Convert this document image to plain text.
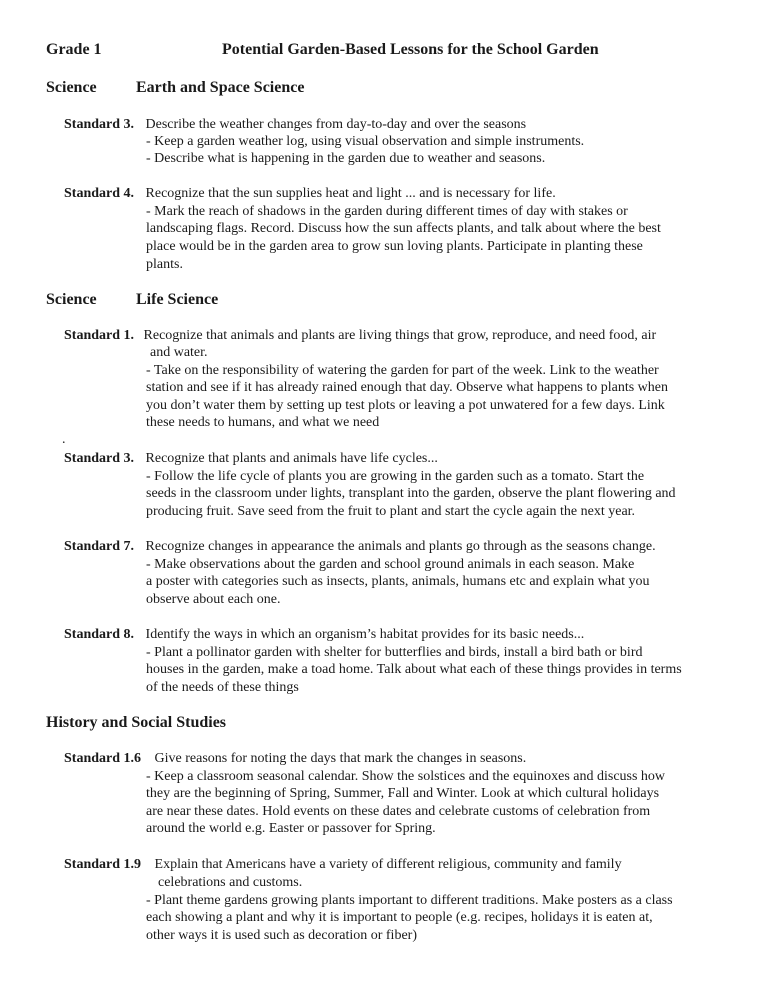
Grade 1	Potential Garden-Based Lessons for the School Garden
Science Earth and Space Science
Standard 3. Describe the weather changes from day-to-day and over the seasons
- Keep a garden weather log, using visual observation and simple instruments.
- Describe what is happening in the garden due to weather and seasons.
Standard 4. Recognize that the sun supplies heat and light ... and is necessary for life.
- Mark the reach of shadows in the garden during different times of day with stakes or
landscaping flags. Record. Discuss how the sun affects plants, and talk about where the best
place would be in the garden area to grow sun loving plants. Participate in planting these
plants.
Science Life Science
Standard 1. Recognize that animals and plants are living things that grow, reproduce, and need food, air
and water.
- Take on the responsibility of watering the garden for part of the week. Link to the weather
station and see if it has already rained enough that day. Observe what happens to plants when
you don’t water them by setting up test plots or leaving a pot unwatered for a few days. Link
these needs to humans, and what we need
.
Standard 3. Recognize that plants and animals have life cycles...
- Follow the life cycle of plants you are growing in the garden such as a tomato. Start the
seeds in the classroom under lights, transplant into the garden, observe the plant flowering and
producing fruit. Save seed from the fruit to plant and start the cycle again the next year.
Standard 7. Recognize changes in appearance the animals and plants go through as the seasons change.
- Make observations about the garden and school ground animals in each season. Make
a poster with categories such as insects, plants, animals, humans etc and explain what you
observe about each one.
Standard 8. Identify the ways in which an organism’s habitat provides for its basic needs...
- Plant a pollinator garden with shelter for butterflies and birds, install a bird bath or bird
houses in the garden, make a toad home. Talk about what each of these things provides in terms
of the needs of these things
History and Social Studies
Standard 1.6 Give reasons for noting the days that mark the changes in seasons.
- Keep a classroom seasonal calendar. Show the solstices and the equinoxes and discuss how
they are the beginning of Spring, Summer, Fall and Winter. Look at which cultural holidays
are near these dates. Hold events on these dates and celebrate customs of celebration from
around the world e.g. Easter or passover for Spring.
Standard 1.9 Explain that Americans have a variety of different religious, community and family
celebrations and customs.
- Plant theme gardens growing plants important to different traditions. Make posters as a class
each showing a plant and why it is important to people (e.g. recipes, holidays it is eaten at,
other ways it is used such as decoration or fiber)
